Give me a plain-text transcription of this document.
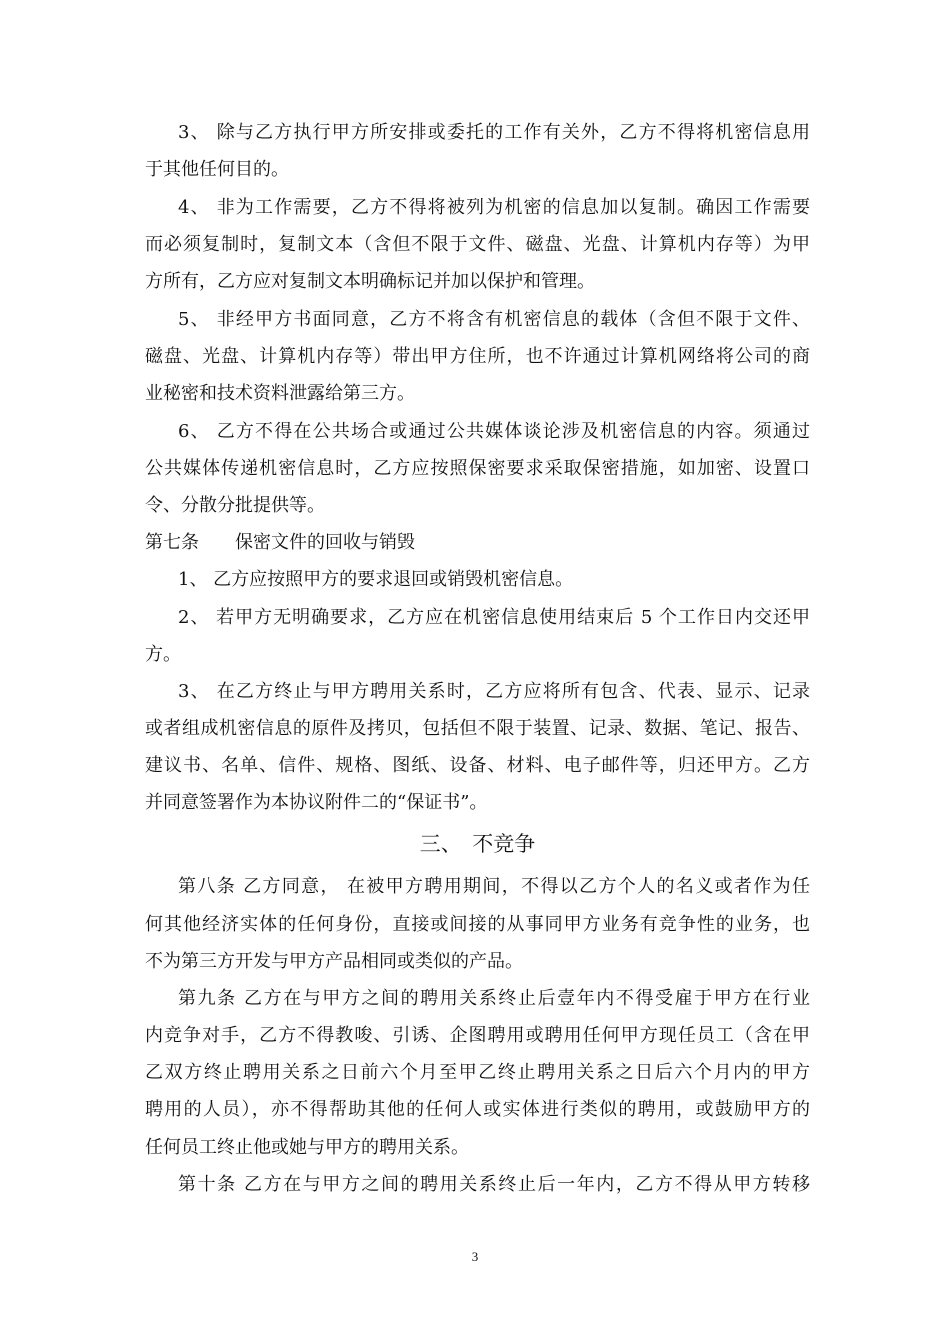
3、 除与乙方执行甲方所安排或委托的工作有关外，乙方不得将机密信息用
于其他任何目的。
4、 非为工作需要，乙方不得将被列为机密的信息加以复制。确因工作需要
而必须复制时，复制文本（含但不限于文件、磁盘、光盘、计算机内存等）为甲
方所有，乙方应对复制文本明确标记并加以保护和管理。
5、 非经甲方书面同意，乙方不将含有机密信息的载体（含但不限于文件、
磁盘、光盘、计算机内存等）带出甲方住所，也不许通过计算机网络将公司的商
业秘密和技术资料泄露给第三方。
6、 乙方不得在公共场合或通过公共媒体谈论涉及机密信息的内容。须通过
公共媒体传递机密信息时，乙方应按照保密要求采取保密措施，如加密、设置口
令、分散分批提供等。
第七条　　保密文件的回收与销毁
1、 乙方应按照甲方的要求退回或销毁机密信息。
2、 若甲方无明确要求，乙方应在机密信息使用结束后 5 个工作日内交还甲
方。
3、 在乙方终止与甲方聘用关系时，乙方应将所有包含、代表、显示、记录
或者组成机密信息的原件及拷贝，包括但不限于装置、记录、数据、笔记、报告、
建议书、名单、信件、规格、图纸、设备、材料、电子邮件等，归还甲方。乙方
并同意签署作为本协议附件二的“保证书”。
三、　不竞争
第八条 乙方同意， 在被甲方聘用期间，不得以乙方个人的名义或者作为任
何其他经济实体的任何身份，直接或间接的从事同甲方业务有竞争性的业务，也
不为第三方开发与甲方产品相同或类似的产品。
第九条 乙方在与甲方之间的聘用关系终止后壹年内不得受雇于甲方在行业
内竞争对手，乙方不得教唆、引诱、企图聘用或聘用任何甲方现任员工（含在甲
乙双方终止聘用关系之日前六个月至甲乙终止聘用关系之日后六个月内的甲方
聘用的人员），亦不得帮助其他的任何人或实体进行类似的聘用，或鼓励甲方的
任何员工终止他或她与甲方的聘用关系。
第十条 乙方在与甲方之间的聘用关系终止后一年内，乙方不得从甲方转移
3
